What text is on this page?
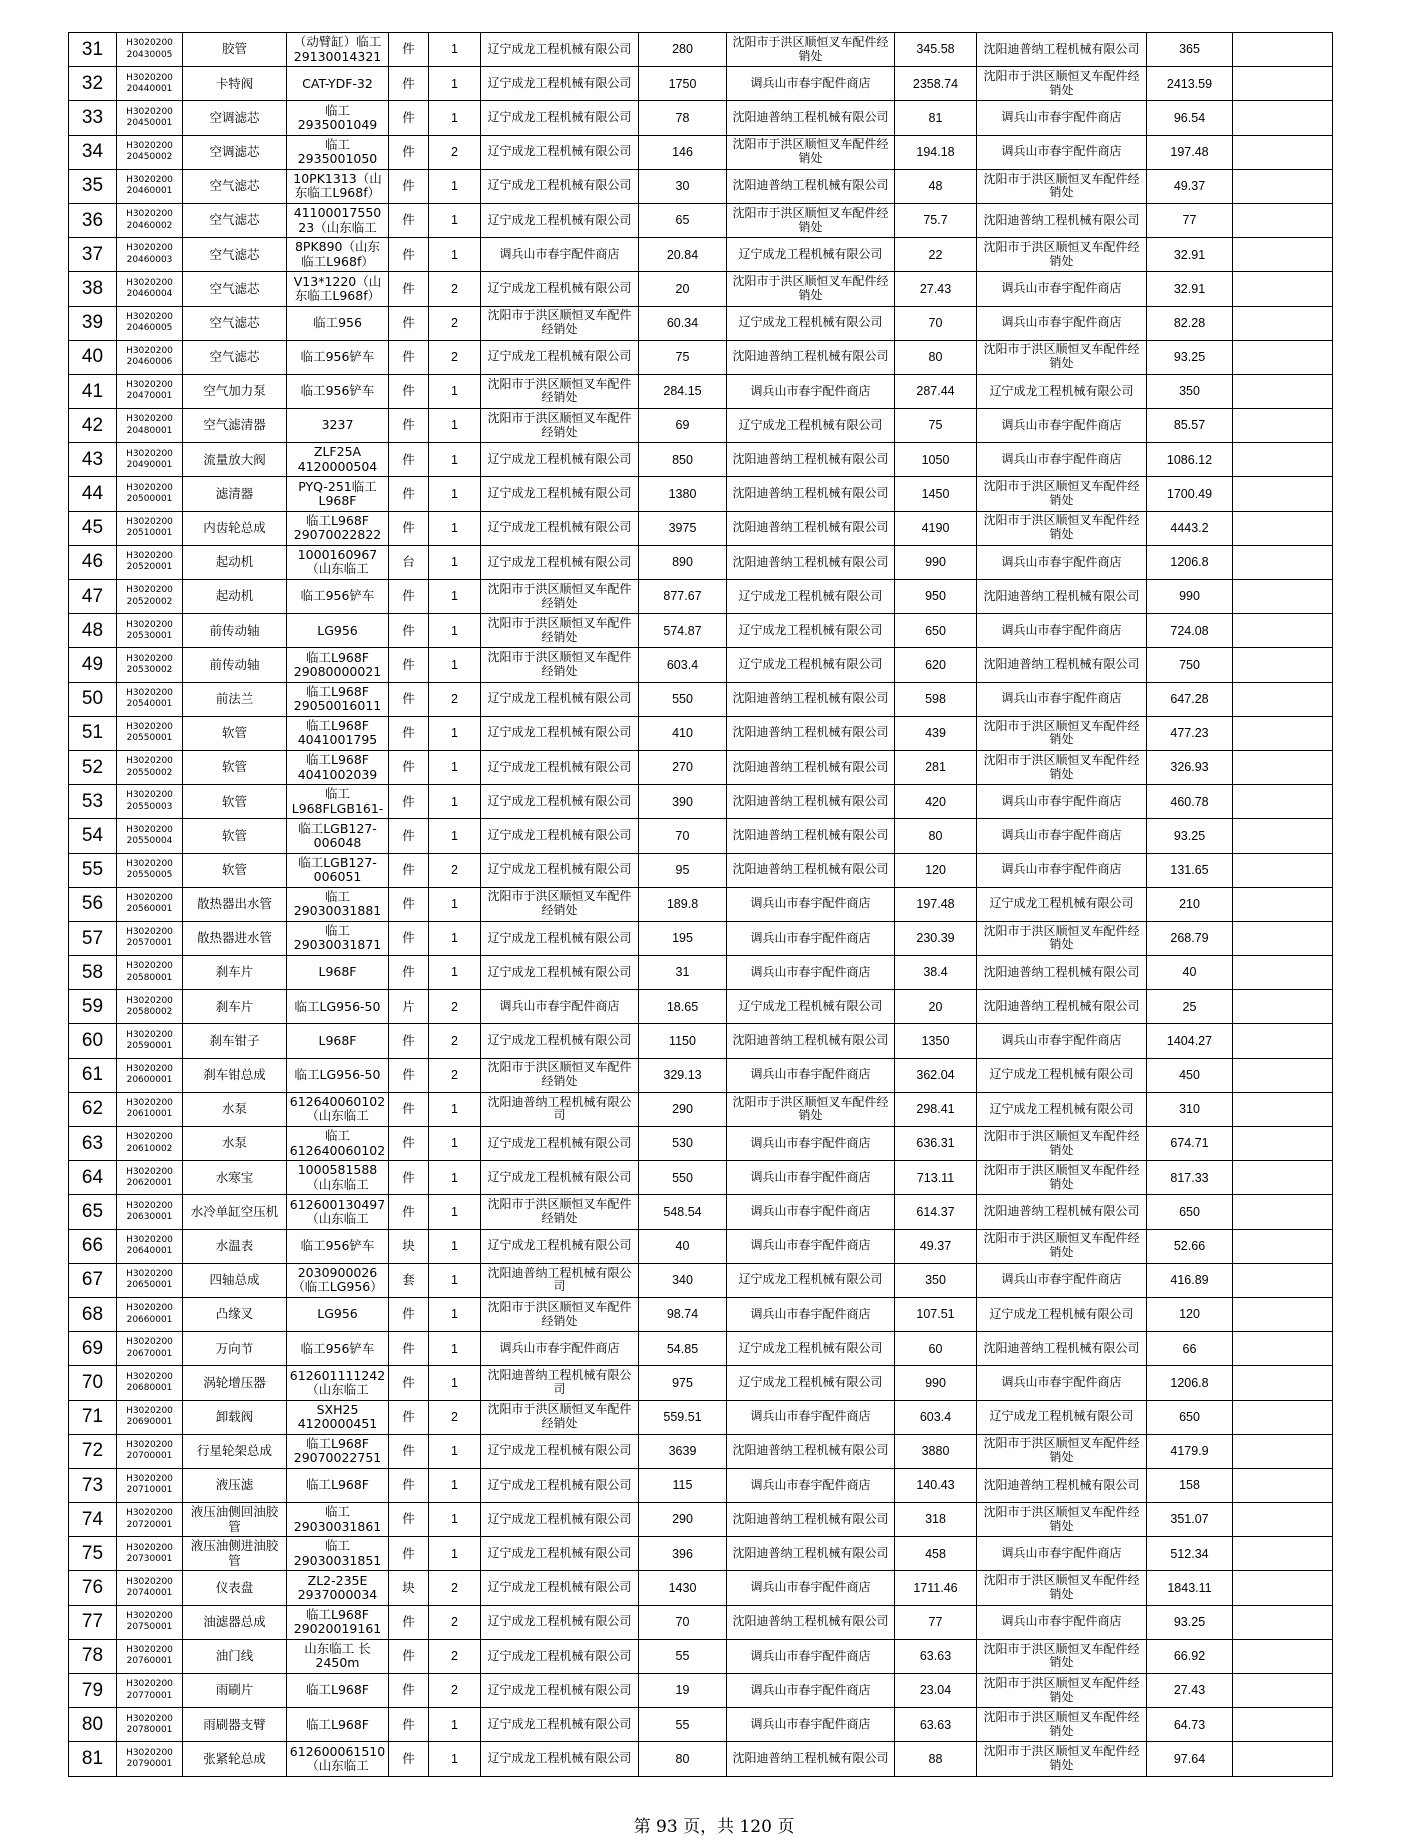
31	H3020200 20430005	胶管	（动臂缸）临工 29130014321	件	1	辽宁成龙工程机械有限公司	280	沈阳市于洪区顺恒叉车配件经销处	345.58	沈阳迪普纳工程机械有限公司	365	
32	H3020200 20440001	卡特阀	CAT-YDF-32	件	1	辽宁成龙工程机械有限公司	1750	调兵山市春宇配件商店	2358.74	沈阳市于洪区顺恒叉车配件经销处	2413.59	
33	H3020200 20450001	空调滤芯	临工 2935001049	件	1	辽宁成龙工程机械有限公司	78	沈阳迪普纳工程机械有限公司	81	调兵山市春宇配件商店	96.54	
34	H3020200 20450002	空调滤芯	临工 2935001050	件	2	辽宁成龙工程机械有限公司	146	沈阳市于洪区顺恒叉车配件经销处	194.18	调兵山市春宇配件商店	197.48	
35	H3020200 20460001	空气滤芯	10PK1313（山东临工L968f）	件	1	辽宁成龙工程机械有限公司	30	沈阳迪普纳工程机械有限公司	48	沈阳市于洪区顺恒叉车配件经销处	49.37	
36	H3020200 20460002	空气滤芯	41100017550 23（山东临工	件	1	辽宁成龙工程机械有限公司	65	沈阳市于洪区顺恒叉车配件经销处	75.7	沈阳迪普纳工程机械有限公司	77	
37	H3020200 20460003	空气滤芯	8PK890（山东临工L968f）	件	1	调兵山市春宇配件商店	20.84	辽宁成龙工程机械有限公司	22	沈阳市于洪区顺恒叉车配件经销处	32.91	
38	H3020200 20460004	空气滤芯	V13*1220（山东临工L968f）	件	2	辽宁成龙工程机械有限公司	20	沈阳市于洪区顺恒叉车配件经销处	27.43	调兵山市春宇配件商店	32.91	
39	H3020200 20460005	空气滤芯	临工956	件	2	沈阳市于洪区顺恒叉车配件经销处	60.34	辽宁成龙工程机械有限公司	70	调兵山市春宇配件商店	82.28	
40	H3020200 20460006	空气滤芯	临工956铲车	件	2	辽宁成龙工程机械有限公司	75	沈阳迪普纳工程机械有限公司	80	沈阳市于洪区顺恒叉车配件经销处	93.25	
41	H3020200 20470001	空气加力泵	临工956铲车	件	1	沈阳市于洪区顺恒叉车配件经销处	284.15	调兵山市春宇配件商店	287.44	辽宁成龙工程机械有限公司	350	
42	H3020200 20480001	空气滤清器	3237	件	1	沈阳市于洪区顺恒叉车配件经销处	69	辽宁成龙工程机械有限公司	75	调兵山市春宇配件商店	85.57	
43	H3020200 20490001	流量放大阀	ZLF25A 4120000504	件	1	辽宁成龙工程机械有限公司	850	沈阳迪普纳工程机械有限公司	1050	调兵山市春宇配件商店	1086.12	
44	H3020200 20500001	滤清器	PYQ-251临工L968F	件	1	辽宁成龙工程机械有限公司	1380	沈阳迪普纳工程机械有限公司	1450	沈阳市于洪区顺恒叉车配件经销处	1700.49	
45	H3020200 20510001	内齿轮总成	临工L968F 29070022822	件	1	辽宁成龙工程机械有限公司	3975	沈阳迪普纳工程机械有限公司	4190	沈阳市于洪区顺恒叉车配件经销处	4443.2	
46	H3020200 20520001	起动机	1000160967（山东临工	台	1	辽宁成龙工程机械有限公司	890	沈阳迪普纳工程机械有限公司	990	调兵山市春宇配件商店	1206.8	
47	H3020200 20520002	起动机	临工956铲车	件	1	沈阳市于洪区顺恒叉车配件经销处	877.67	辽宁成龙工程机械有限公司	950	沈阳迪普纳工程机械有限公司	990	
48	H3020200 20530001	前传动轴	LG956	件	1	沈阳市于洪区顺恒叉车配件经销处	574.87	辽宁成龙工程机械有限公司	650	调兵山市春宇配件商店	724.08	
49	H3020200 20530002	前传动轴	临工L968F 29080000021	件	1	沈阳市于洪区顺恒叉车配件经销处	603.4	辽宁成龙工程机械有限公司	620	沈阳迪普纳工程机械有限公司	750	
50	H3020200 20540001	前法兰	临工L968F 29050016011	件	2	辽宁成龙工程机械有限公司	550	沈阳迪普纳工程机械有限公司	598	调兵山市春宇配件商店	647.28	
51	H3020200 20550001	软管	临工L968F 4041001795	件	1	辽宁成龙工程机械有限公司	410	沈阳迪普纳工程机械有限公司	439	沈阳市于洪区顺恒叉车配件经销处	477.23	
52	H3020200 20550002	软管	临工L968F 4041002039	件	1	辽宁成龙工程机械有限公司	270	沈阳迪普纳工程机械有限公司	281	沈阳市于洪区顺恒叉车配件经销处	326.93	
53	H3020200 20550003	软管	临工 L968FLGB161-	件	1	辽宁成龙工程机械有限公司	390	沈阳迪普纳工程机械有限公司	420	调兵山市春宇配件商店	460.78	
54	H3020200 20550004	软管	临工LGB127- 006048	件	1	辽宁成龙工程机械有限公司	70	沈阳迪普纳工程机械有限公司	80	调兵山市春宇配件商店	93.25	
55	H3020200 20550005	软管	临工LGB127- 006051	件	2	辽宁成龙工程机械有限公司	95	沈阳迪普纳工程机械有限公司	120	调兵山市春宇配件商店	131.65	
56	H3020200 20560001	散热器出水管	临工 29030031881	件	1	沈阳市于洪区顺恒叉车配件经销处	189.8	调兵山市春宇配件商店	197.48	辽宁成龙工程机械有限公司	210	
57	H3020200 20570001	散热器进水管	临工 29030031871	件	1	辽宁成龙工程机械有限公司	195	调兵山市春宇配件商店	230.39	沈阳市于洪区顺恒叉车配件经销处	268.79	
58	H3020200 20580001	刹车片	L968F	件	1	辽宁成龙工程机械有限公司	31	调兵山市春宇配件商店	38.4	沈阳迪普纳工程机械有限公司	40	
59	H3020200 20580002	刹车片	临工LG956-50	片	2	调兵山市春宇配件商店	18.65	辽宁成龙工程机械有限公司	20	沈阳迪普纳工程机械有限公司	25	
60	H3020200 20590001	刹车钳子	L968F	件	2	辽宁成龙工程机械有限公司	1150	沈阳迪普纳工程机械有限公司	1350	调兵山市春宇配件商店	1404.27	
61	H3020200 20600001	刹车钳总成	临工LG956-50	件	2	沈阳市于洪区顺恒叉车配件经销处	329.13	调兵山市春宇配件商店	362.04	辽宁成龙工程机械有限公司	450	
62	H3020200 20610001	水泵	612640060102（山东临工	件	1	沈阳迪普纳工程机械有限公司	290	沈阳市于洪区顺恒叉车配件经销处	298.41	辽宁成龙工程机械有限公司	310	
63	H3020200 20610002	水泵	临工 612640060102	件	1	辽宁成龙工程机械有限公司	530	调兵山市春宇配件商店	636.31	沈阳市于洪区顺恒叉车配件经销处	674.71	
64	H3020200 20620001	水寒宝	1000581588（山东临工	件	1	辽宁成龙工程机械有限公司	550	调兵山市春宇配件商店	713.11	沈阳市于洪区顺恒叉车配件经销处	817.33	
65	H3020200 20630001	水冷单缸空压机	612600130497（山东临工	件	1	沈阳市于洪区顺恒叉车配件经销处	548.54	调兵山市春宇配件商店	614.37	沈阳迪普纳工程机械有限公司	650	
66	H3020200 20640001	水温表	临工956铲车	块	1	辽宁成龙工程机械有限公司	40	调兵山市春宇配件商店	49.37	沈阳市于洪区顺恒叉车配件经销处	52.66	
67	H3020200 20650001	四轴总成	2030900026（临工LG956）	套	1	沈阳迪普纳工程机械有限公司	340	辽宁成龙工程机械有限公司	350	调兵山市春宇配件商店	416.89	
68	H3020200 20660001	凸缘叉	LG956	件	1	沈阳市于洪区顺恒叉车配件经销处	98.74	调兵山市春宇配件商店	107.51	辽宁成龙工程机械有限公司	120	
69	H3020200 20670001	万向节	临工956铲车	件	1	调兵山市春宇配件商店	54.85	辽宁成龙工程机械有限公司	60	沈阳迪普纳工程机械有限公司	66	
70	H3020200 20680001	涡轮增压器	612601111242（山东临工	件	1	沈阳迪普纳工程机械有限公司	975	辽宁成龙工程机械有限公司	990	调兵山市春宇配件商店	1206.8	
71	H3020200 20690001	卸载阀	SXH25 4120000451	件	2	沈阳市于洪区顺恒叉车配件经销处	559.51	调兵山市春宇配件商店	603.4	辽宁成龙工程机械有限公司	650	
72	H3020200 20700001	行星轮架总成	临工L968F 29070022751	件	1	辽宁成龙工程机械有限公司	3639	沈阳迪普纳工程机械有限公司	3880	沈阳市于洪区顺恒叉车配件经销处	4179.9	
73	H3020200 20710001	液压滤	临工L968F	件	1	辽宁成龙工程机械有限公司	115	调兵山市春宇配件商店	140.43	沈阳迪普纳工程机械有限公司	158	
74	H3020200 20720001	液压油侧回油胶管	临工 29030031861	件	1	辽宁成龙工程机械有限公司	290	沈阳迪普纳工程机械有限公司	318	沈阳市于洪区顺恒叉车配件经销处	351.07	
75	H3020200 20730001	液压油侧进油胶管	临工 29030031851	件	1	辽宁成龙工程机械有限公司	396	沈阳迪普纳工程机械有限公司	458	调兵山市春宇配件商店	512.34	
76	H3020200 20740001	仪表盘	ZL2-235E 2937000034	块	2	辽宁成龙工程机械有限公司	1430	调兵山市春宇配件商店	1711.46	沈阳市于洪区顺恒叉车配件经销处	1843.11	
77	H3020200 20750001	油滤器总成	临工L968F 29020019161	件	2	辽宁成龙工程机械有限公司	70	沈阳迪普纳工程机械有限公司	77	调兵山市春宇配件商店	93.25	
78	H3020200 20760001	油门线	山东临工 长 2450m	件	2	辽宁成龙工程机械有限公司	55	调兵山市春宇配件商店	63.63	沈阳市于洪区顺恒叉车配件经销处	66.92	
79	H3020200 20770001	雨刷片	临工L968F	件	2	辽宁成龙工程机械有限公司	19	调兵山市春宇配件商店	23.04	沈阳市于洪区顺恒叉车配件经销处	27.43	
80	H3020200 20780001	雨刷器支臂	临工L968F	件	1	辽宁成龙工程机械有限公司	55	调兵山市春宇配件商店	63.63	沈阳市于洪区顺恒叉车配件经销处	64.73	
81	H3020200 20790001	张紧轮总成	612600061510（山东临工	件	1	辽宁成龙工程机械有限公司	80	沈阳迪普纳工程机械有限公司	88	沈阳市于洪区顺恒叉车配件经销处	97.64	
第 93 页，共 120 页
